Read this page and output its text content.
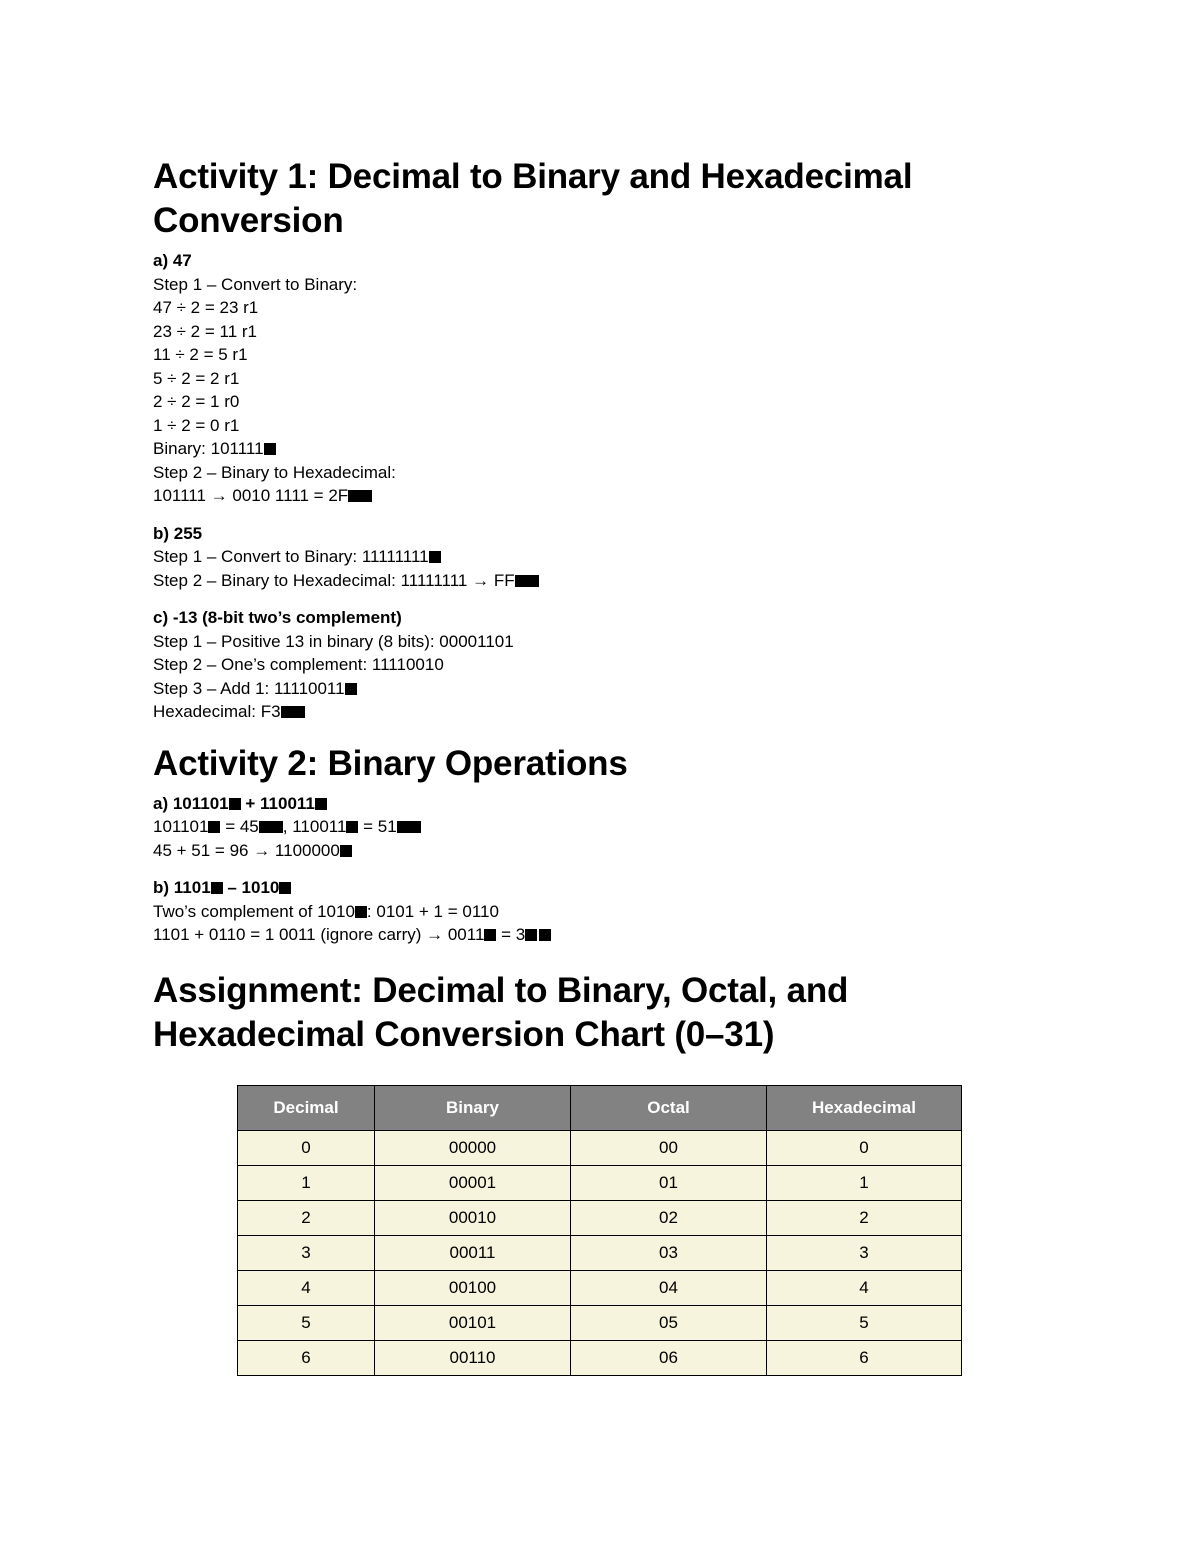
Activity 1: Decimal to Binary and Hexadecimal Conversion
a) 47
Step 1 – Convert to Binary:
47 ÷ 2 = 23 r1
23 ÷ 2 = 11 r1
11 ÷ 2 = 5 r1
5 ÷ 2 = 2 r1
2 ÷ 2 = 1 r0
1 ÷ 2 = 0 r1
Binary: 101111
Step 2 – Binary to Hexadecimal:
101111 → 0010 1111 = 2F
b) 255
Step 1 – Convert to Binary: 11111111
Step 2 – Binary to Hexadecimal: 11111111 → FF
c) -13 (8-bit two’s complement)
Step 1 – Positive 13 in binary (8 bits): 00001101
Step 2 – One’s complement: 11110010
Step 3 – Add 1: 11110011
Hexadecimal: F3
Activity 2: Binary Operations
a) 101101 + 110011
101101 = 45 , 110011 = 51
45 + 51 = 96 → 1100000
b) 1101 – 1010
Two’s complement of 1010 : 0101 + 1 = 0110
1101 + 0110 = 1 0011 (ignore carry) → 0011 = 3
Assignment: Decimal to Binary, Octal, and Hexadecimal Conversion Chart (0–31)
Decimal	Binary	Octal	Hexadecimal
0	00000	00	0
1	00001	01	1
2	00010	02	2
3	00011	03	3
4	00100	04	4
5	00101	05	5
6	00110	06	6
